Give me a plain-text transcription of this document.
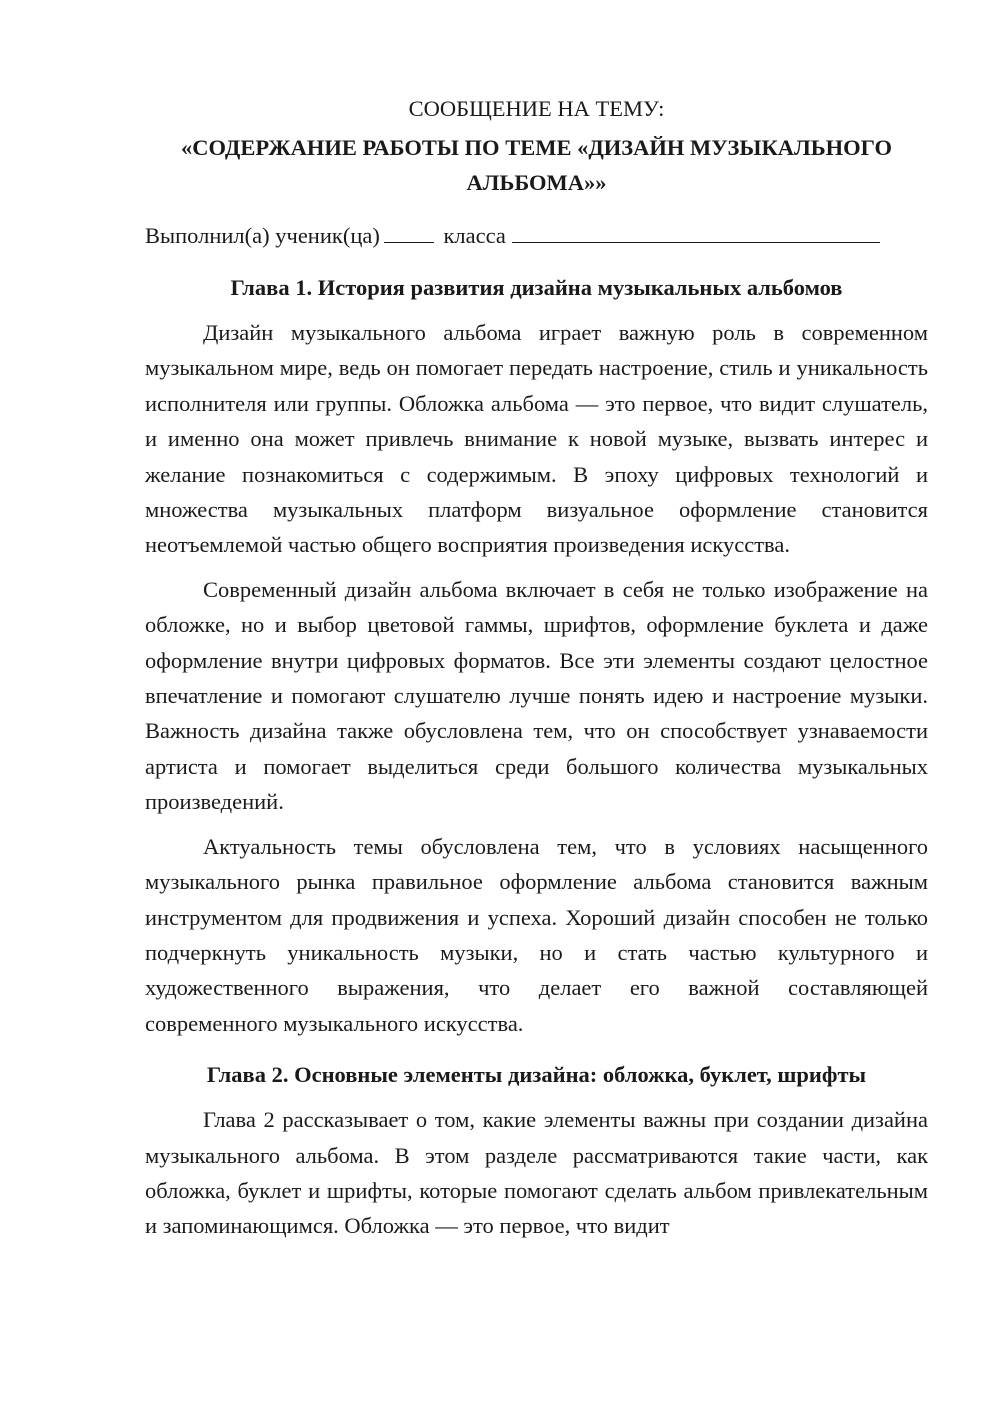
СООБЩЕНИЕ НА ТЕМУ:

«СОДЕРЖАНИЕ РАБОТЫ ПО ТЕМЕ «ДИЗАЙН МУЗЫКАЛЬНОГО АЛЬБОМА»»

Выполнил(а) ученик(ца)	класса

Глава 1. История развития дизайна музыкальных альбомов

Дизайн музыкального альбома играет важную роль в современном музыкальном мире, ведь он помогает передать настроение, стиль и уникальность исполнителя или группы. Обложка альбома — это первое, что видит слушатель, и именно она может привлечь внимание к новой музыке, вызвать интерес и желание познакомиться с содержимым. В эпоху цифровых технологий и множества музыкальных платформ визуальное оформление становится неотъемлемой частью общего восприятия произведения искусства.

Современный дизайн альбома включает в себя не только изображение на обложке, но и выбор цветовой гаммы, шрифтов, оформление буклета и даже оформление внутри цифровых форматов. Все эти элементы создают целостное впечатление и помогают слушателю лучше понять идею и настроение музыки. Важность дизайна также обусловлена тем, что он способствует узнаваемости артиста и помогает выделиться среди большого количества музыкальных произведений.

Актуальность темы обусловлена тем, что в условиях насыщенного музыкального рынка правильное оформление альбома становится важным инструментом для продвижения и успеха. Хороший дизайн способен не только подчеркнуть уникальность музыки, но и стать частью культурного и художественного выражения, что делает его важной составляющей современного музыкального искусства.

Глава 2. Основные элементы дизайна: обложка, буклет, шрифты

Глава 2 рассказывает о том, какие элементы важны при создании дизайна музыкального альбома. В этом разделе рассматриваются такие части, как обложка, буклет и шрифты, которые помогают сделать альбом привлекательным и запоминающимся. Обложка — это первое, что видит
